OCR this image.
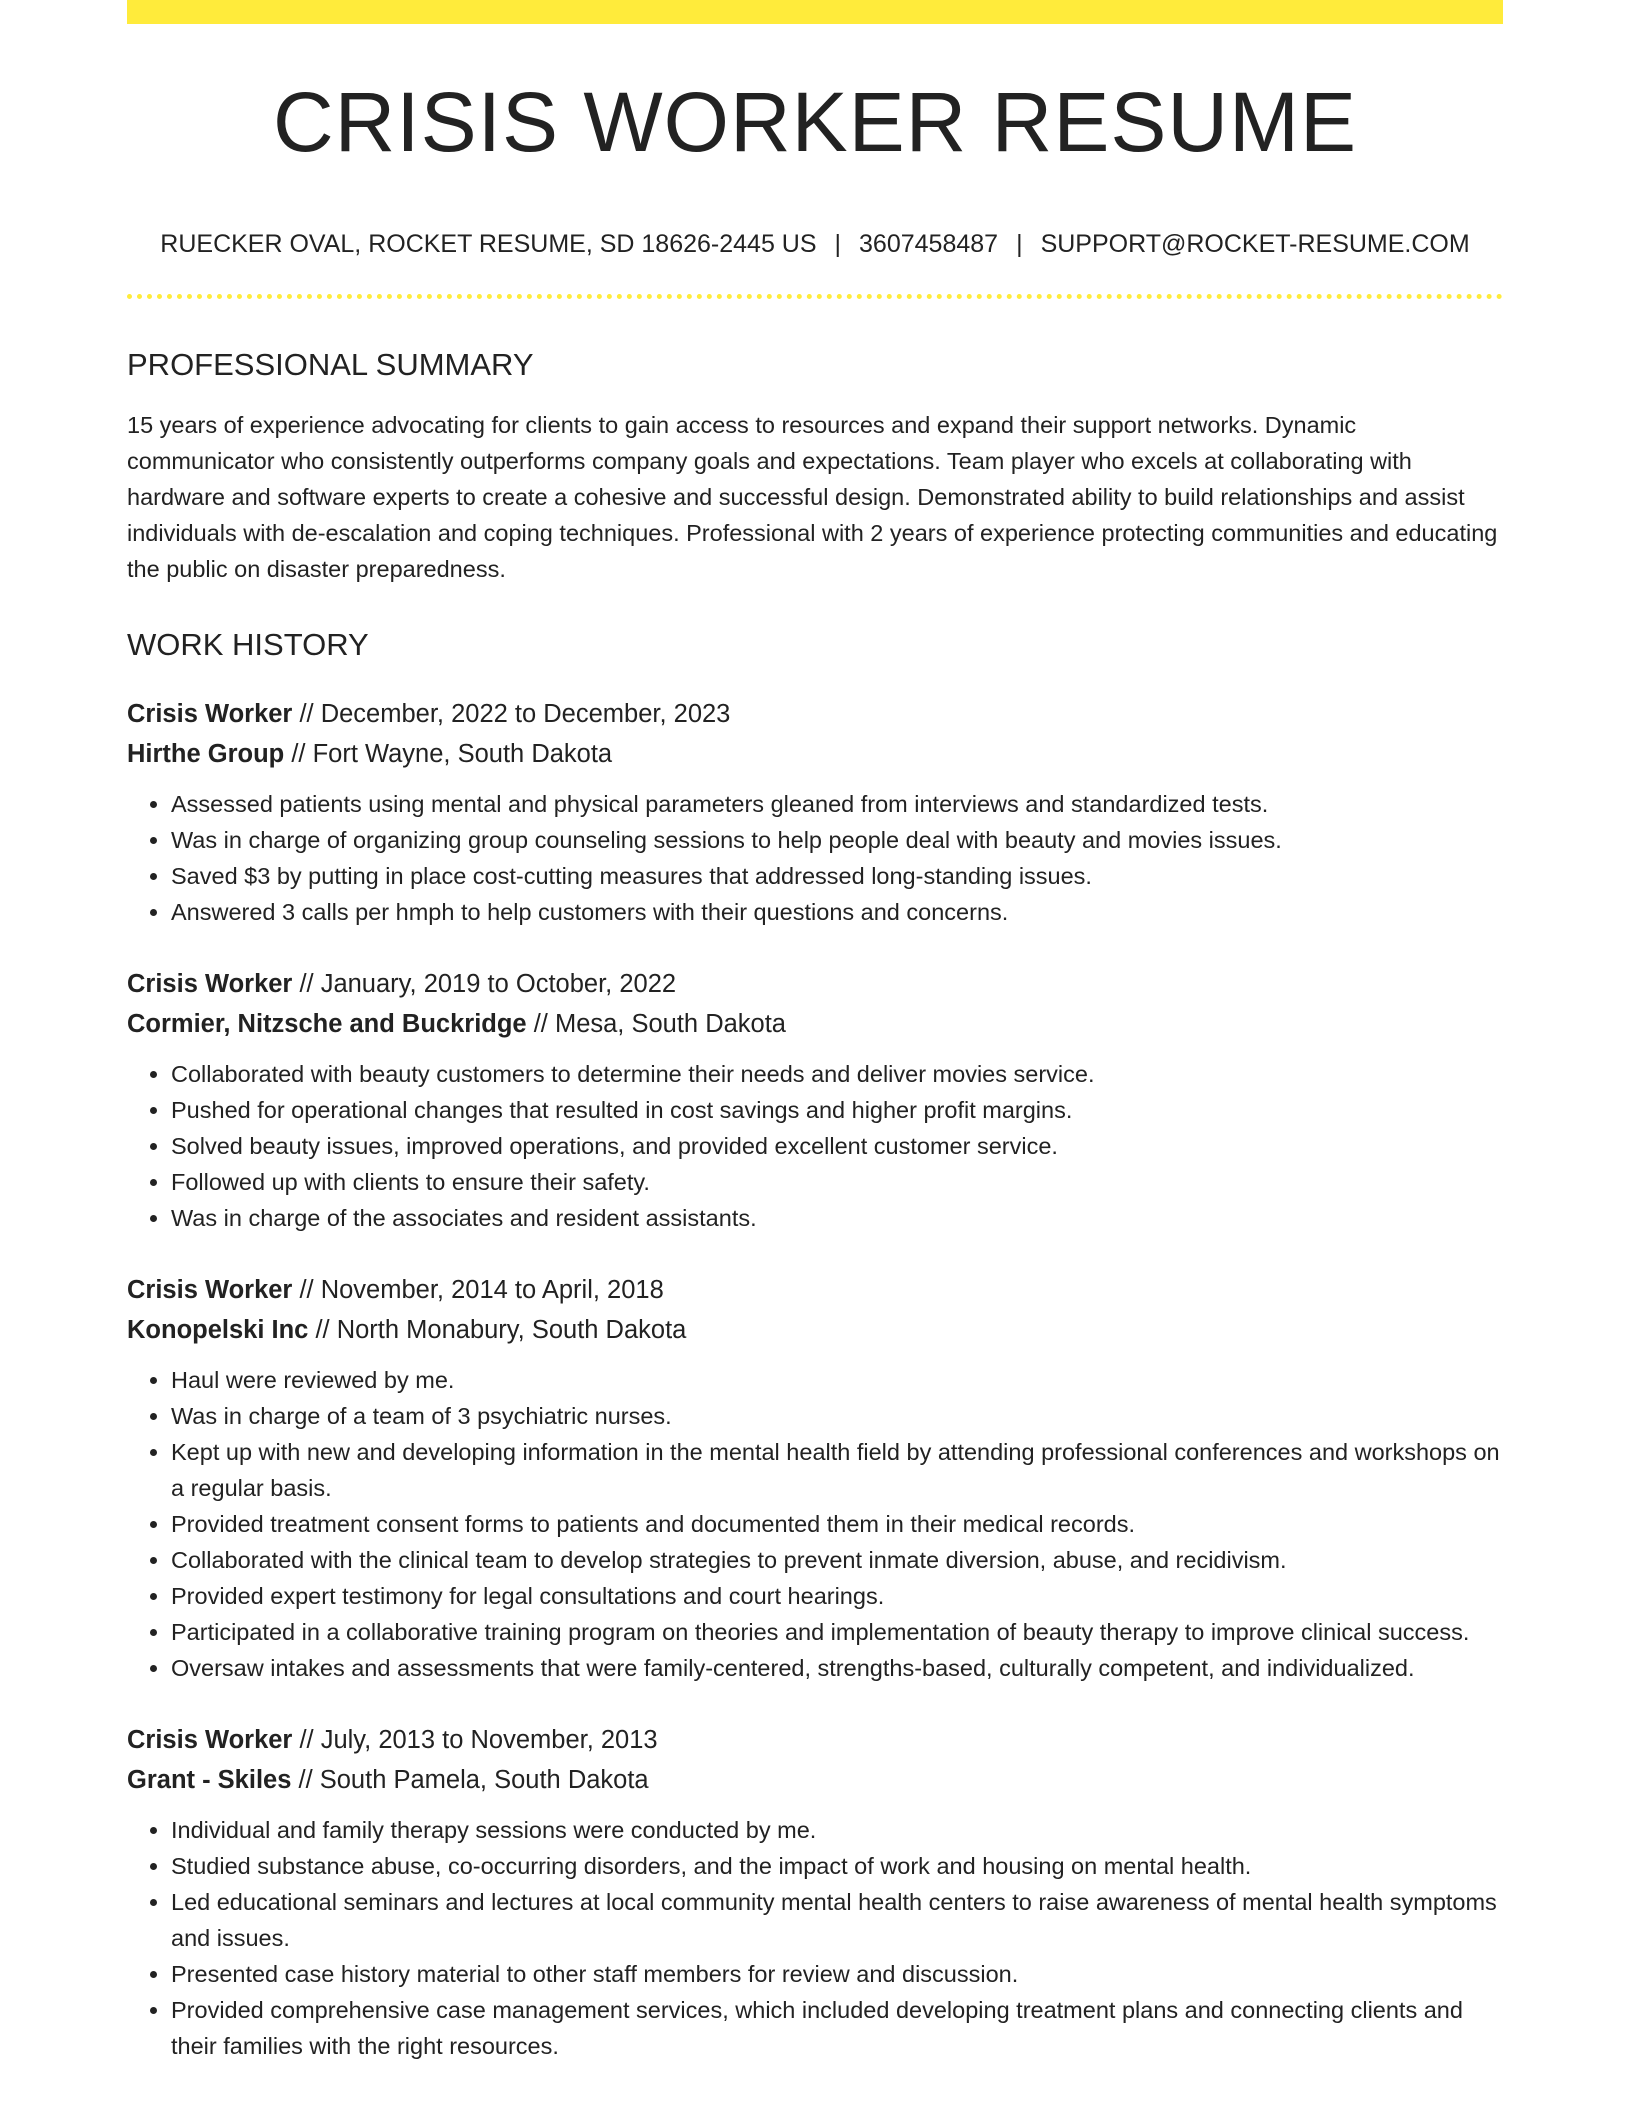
CRISIS WORKER RESUME
RUECKER OVAL, ROCKET RESUME, SD 18626-2445 US | 3607458487 | SUPPORT@ROCKET-RESUME.COM
PROFESSIONAL SUMMARY

15 years of experience advocating for clients to gain access to resources and expand their support networks. Dynamic communicator who consistently outperforms company goals and expectations. Team player who excels at collaborating with hardware and software experts to create a cohesive and successful design. Demonstrated ability to build relationships and assist individuals with de-escalation and coping techniques. Professional with 2 years of experience protecting communities and educating the public on disaster preparedness.

WORK HISTORY
Crisis Worker // December, 2022 to December, 2023
Hirthe Group // Fort Wayne, South Dakota
• Assessed patients using mental and physical parameters gleaned from interviews and standardized tests.
• Was in charge of organizing group counseling sessions to help people deal with beauty and movies issues.
• Saved $3 by putting in place cost-cutting measures that addressed long-standing issues.
• Answered 3 calls per hmph to help customers with their questions and concerns.
Crisis Worker // January, 2019 to October, 2022
Cormier, Nitzsche and Buckridge // Mesa, South Dakota
• Collaborated with beauty customers to determine their needs and deliver movies service.
• Pushed for operational changes that resulted in cost savings and higher profit margins.
• Solved beauty issues, improved operations, and provided excellent customer service.
• Followed up with clients to ensure their safety.
• Was in charge of the associates and resident assistants.
Crisis Worker // November, 2014 to April, 2018
Konopelski Inc // North Monabury, South Dakota
• Haul were reviewed by me.
• Was in charge of a team of 3 psychiatric nurses.
• Kept up with new and developing information in the mental health field by attending professional conferences and workshops on a regular basis.
• Provided treatment consent forms to patients and documented them in their medical records.
• Collaborated with the clinical team to develop strategies to prevent inmate diversion, abuse, and recidivism.
• Provided expert testimony for legal consultations and court hearings.
• Participated in a collaborative training program on theories and implementation of beauty therapy to improve clinical success.
• Oversaw intakes and assessments that were family-centered, strengths-based, culturally competent, and individualized.
Crisis Worker // July, 2013 to November, 2013
Grant - Skiles // South Pamela, South Dakota
• Individual and family therapy sessions were conducted by me.
• Studied substance abuse, co-occurring disorders, and the impact of work and housing on mental health.
• Led educational seminars and lectures at local community mental health centers to raise awareness of mental health symptoms and issues.
• Presented case history material to other staff members for review and discussion.
• Provided comprehensive case management services, which included developing treatment plans and connecting clients and their families with the right resources.
